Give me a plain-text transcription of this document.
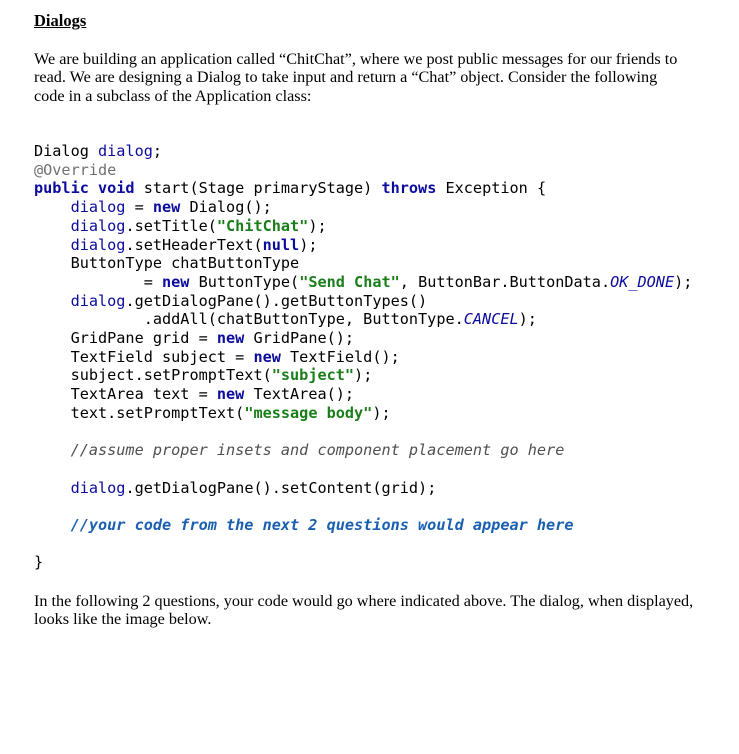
Dialogs
We are building an application called “ChitChat”, where we post public messages for our friends to
read. We are designing a Dialog to take input and return a “Chat” object. Consider the following
code in a subclass of the Application class:
Dialog dialog;
@Override
public void start(Stage primaryStage) throws Exception {
dialog = new Dialog();
dialog.setTitle("ChitChat");
dialog.setHeaderText(null);
ButtonType chatButtonType
= new ButtonType("Send Chat", ButtonBar.ButtonData.OK_DONE);
dialog.getDialogPane().getButtonTypes()
.addAll(chatButtonType, ButtonType.CANCEL);
GridPane grid = new GridPane();
TextField subject = new TextField();
subject.setPromptText("subject");
TextArea text = new TextArea();
text.setPromptText("message body");
//assume proper insets and component placement go here
dialog.getDialogPane().setContent(grid);
//your code from the next 2 questions would appear here
}
In the following 2 questions, your code would go where indicated above. The dialog, when displayed,
looks like the image below.
